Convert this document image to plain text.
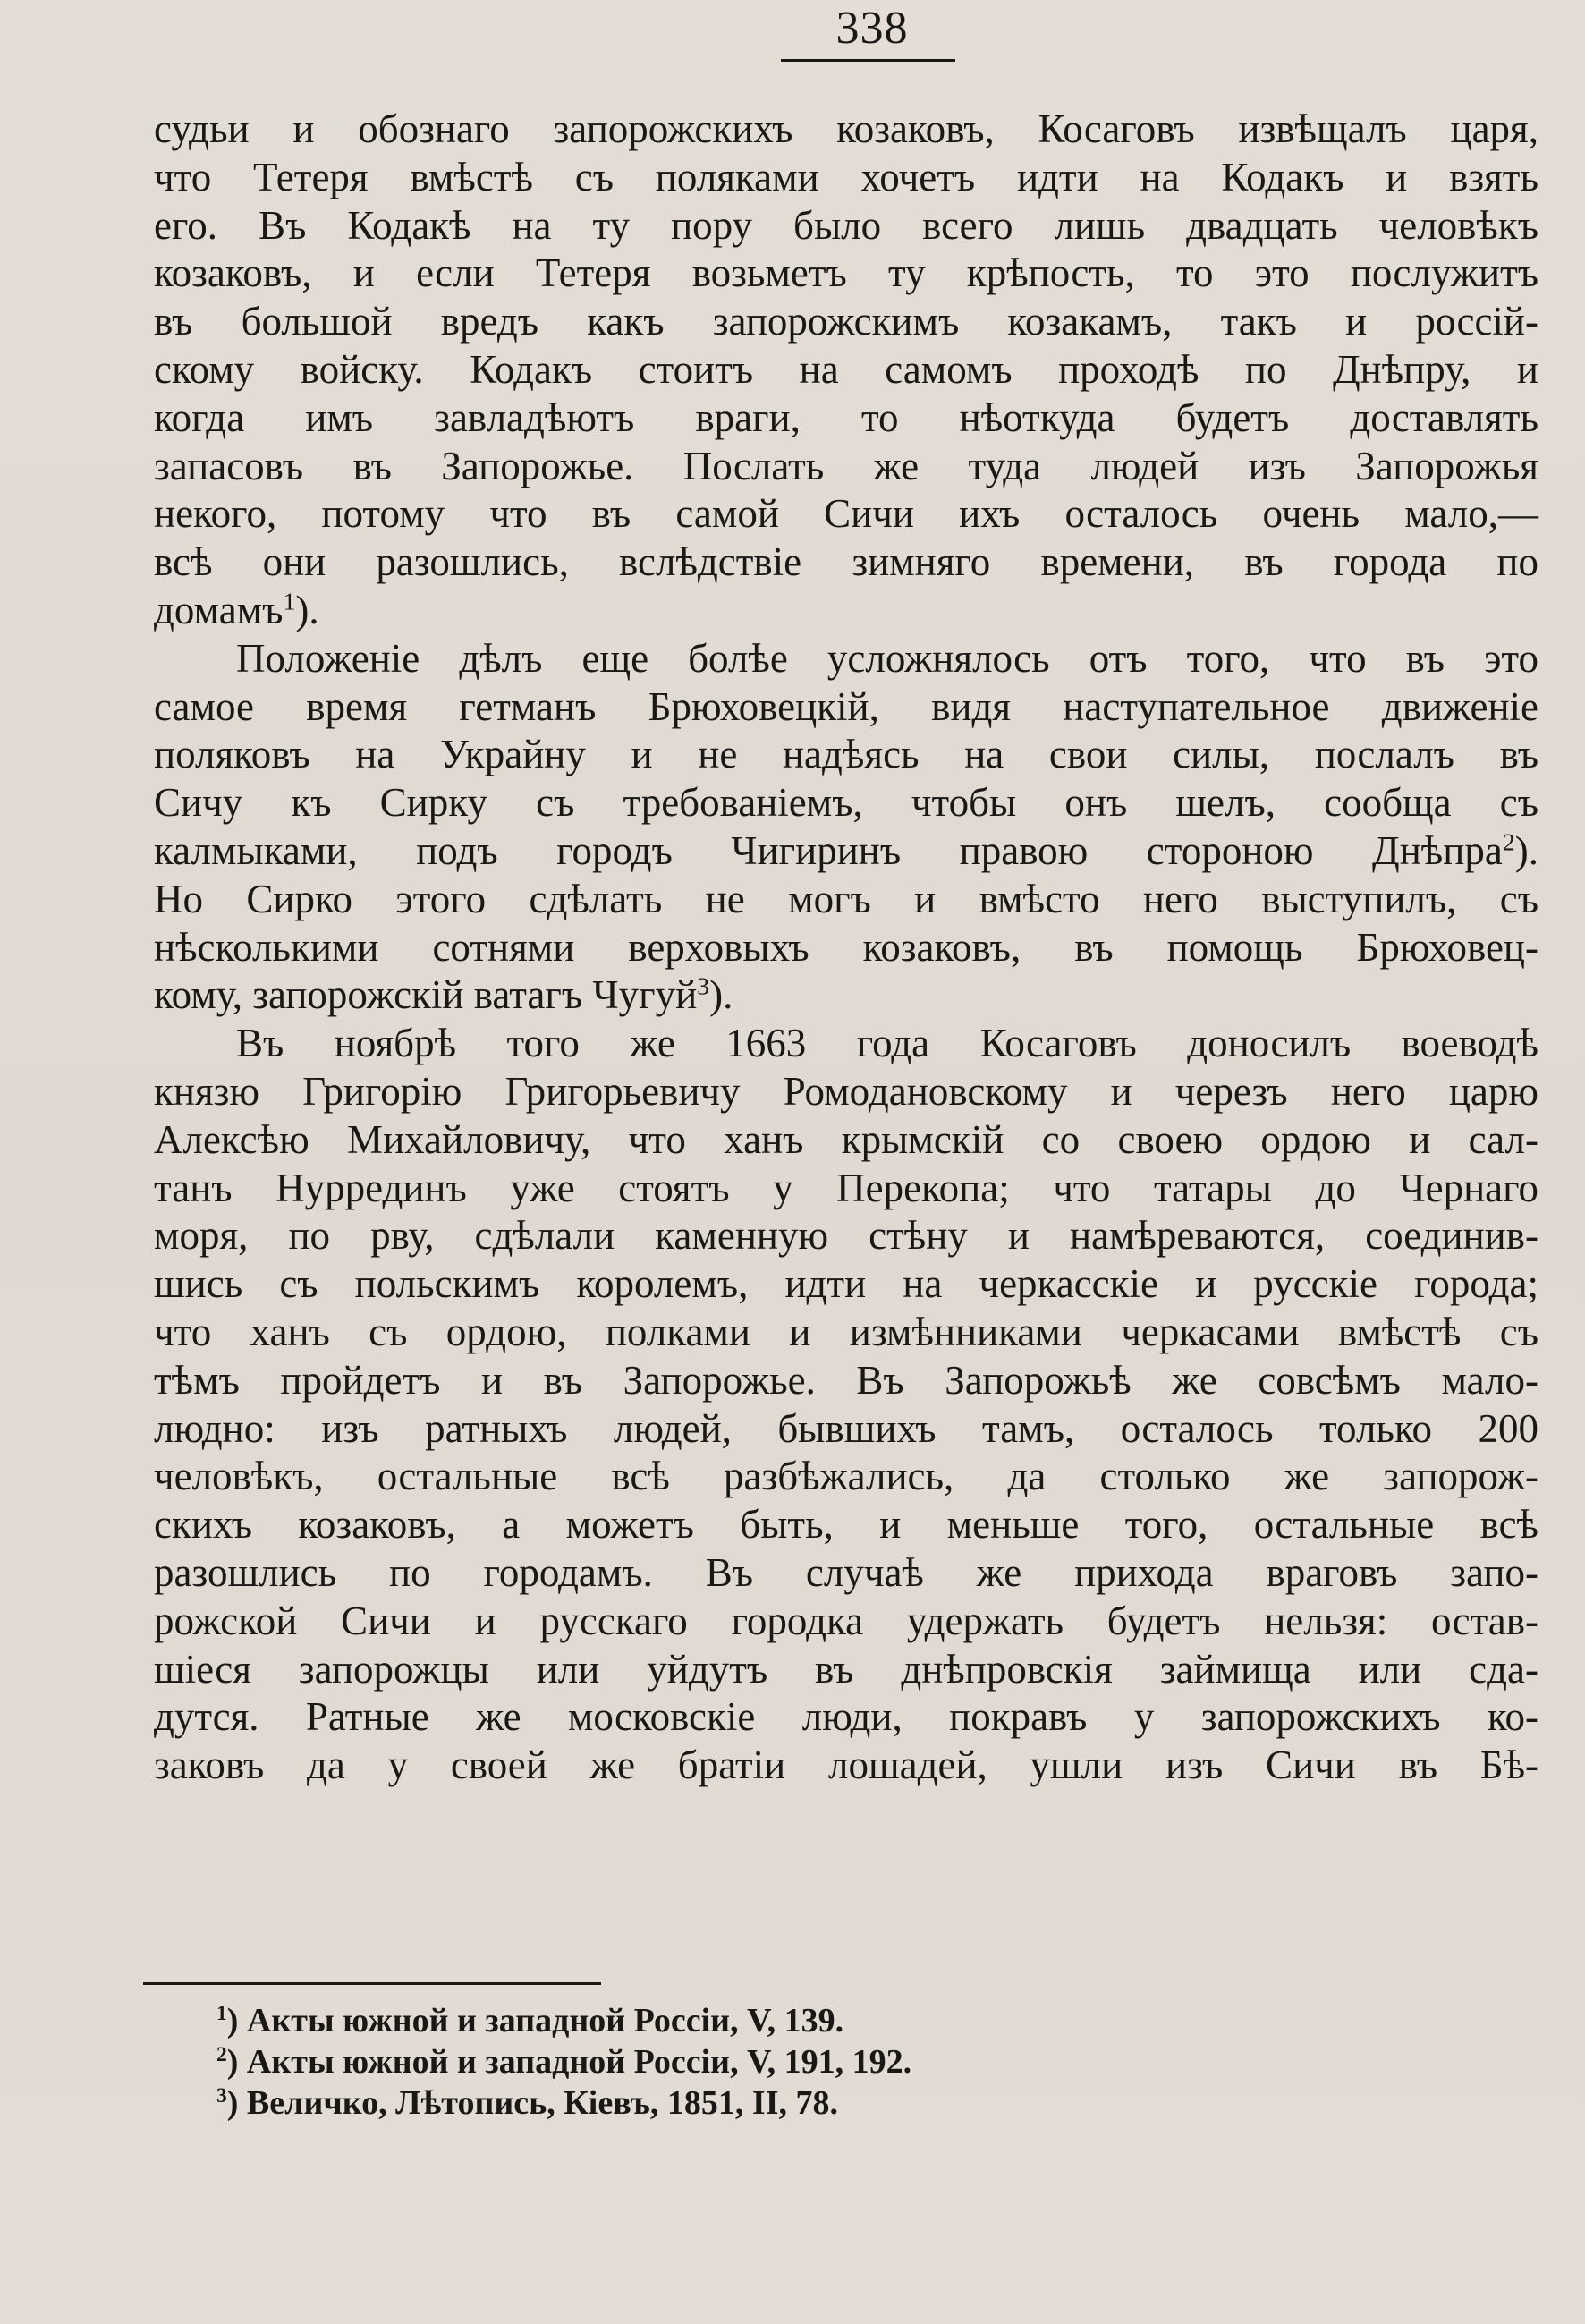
338
судьи и обознаго запорожскихъ козаковъ, Косаговъ извѣщалъ царя,
что Тетеря вмѣстѣ съ поляками хочетъ идти на Кодакъ и взять
его. Въ Кодакѣ на ту пору было всего лишь двадцать человѣкъ
козаковъ, и если Тетеря возьметъ ту крѣпость, то это послужитъ
въ большой вредъ какъ запорожскимъ козакамъ, такъ и россій-
скому войску. Кодакъ стоитъ на самомъ проходѣ по Днѣпру, и
когда имъ завладѣютъ враги, то нѣоткуда будетъ доставлять
запасовъ въ Запорожье. Послать же туда людей изъ Запорожья
некого, потому что въ самой Сичи ихъ осталось очень мало,—
всѣ они разошлись, вслѣдствіе зимняго времени, въ города по
домамъ$^1$).
Положеніе дѣлъ еще болѣе усложнялось отъ того, что въ это
самое время гетманъ Брюховецкій, видя наступательное движеніе
поляковъ на Украйну и не надѣясь на свои силы, послалъ въ
Сичу къ Сирку съ требованіемъ, чтобы онъ шелъ, сообща съ
калмыками, подъ городъ Чигиринъ правою стороною Днѣпра$^2$).
Но Сирко этого сдѣлать не могъ и вмѣсто него выступилъ, съ
нѣсколькими сотнями верховыхъ козаковъ, въ помощь Брюховец-
кому, запорожскій ватагъ Чугуй$^3$).
Въ ноябрѣ того же 1663 года Косаговъ доносилъ воеводѣ
князю Григорію Григорьевичу Ромодановскому и черезъ него царю
Алексѣю Михайловичу, что ханъ крымскій со своею ордою и сал-
танъ Нуррединъ уже стоятъ у Перекопа; что татары до Чернаго
моря, по рву, сдѣлали каменную стѣну и намѣреваются, соединив-
шись съ польскимъ королемъ, идти на черкасскіе и русскіе города;
что ханъ съ ордою, полками и измѣнниками черкасами вмѣстѣ съ
тѣмъ пройдетъ и въ Запорожье. Въ Запорожьѣ же совсѣмъ мало-
людно: изъ ратныхъ людей, бывшихъ тамъ, осталось только 200
человѣкъ, остальные всѣ разбѣжались, да столько же запорож-
скихъ козаковъ, а можетъ быть, и меньше того, остальные всѣ
разошлись по городамъ. Въ случаѣ же прихода враговъ запо-
рожской Сичи и русскаго городка удержать будетъ нельзя: остав-
шіеся запорожцы или уйдутъ въ днѣпровскія займища или сда-
дутся. Ратные же московскіе люди, покравъ у запорожскихъ ко-
заковъ да у своей же братіи лошадей, ушли изъ Сичи въ Бѣ-
$^1$) Акты южной и западной Россіи, V, 139.
$^2$) Акты южной и западной Россіи, V, 191, 192.
$^3$) Величко, Лѣтопись, Кіевъ, 1851, II, 78.
